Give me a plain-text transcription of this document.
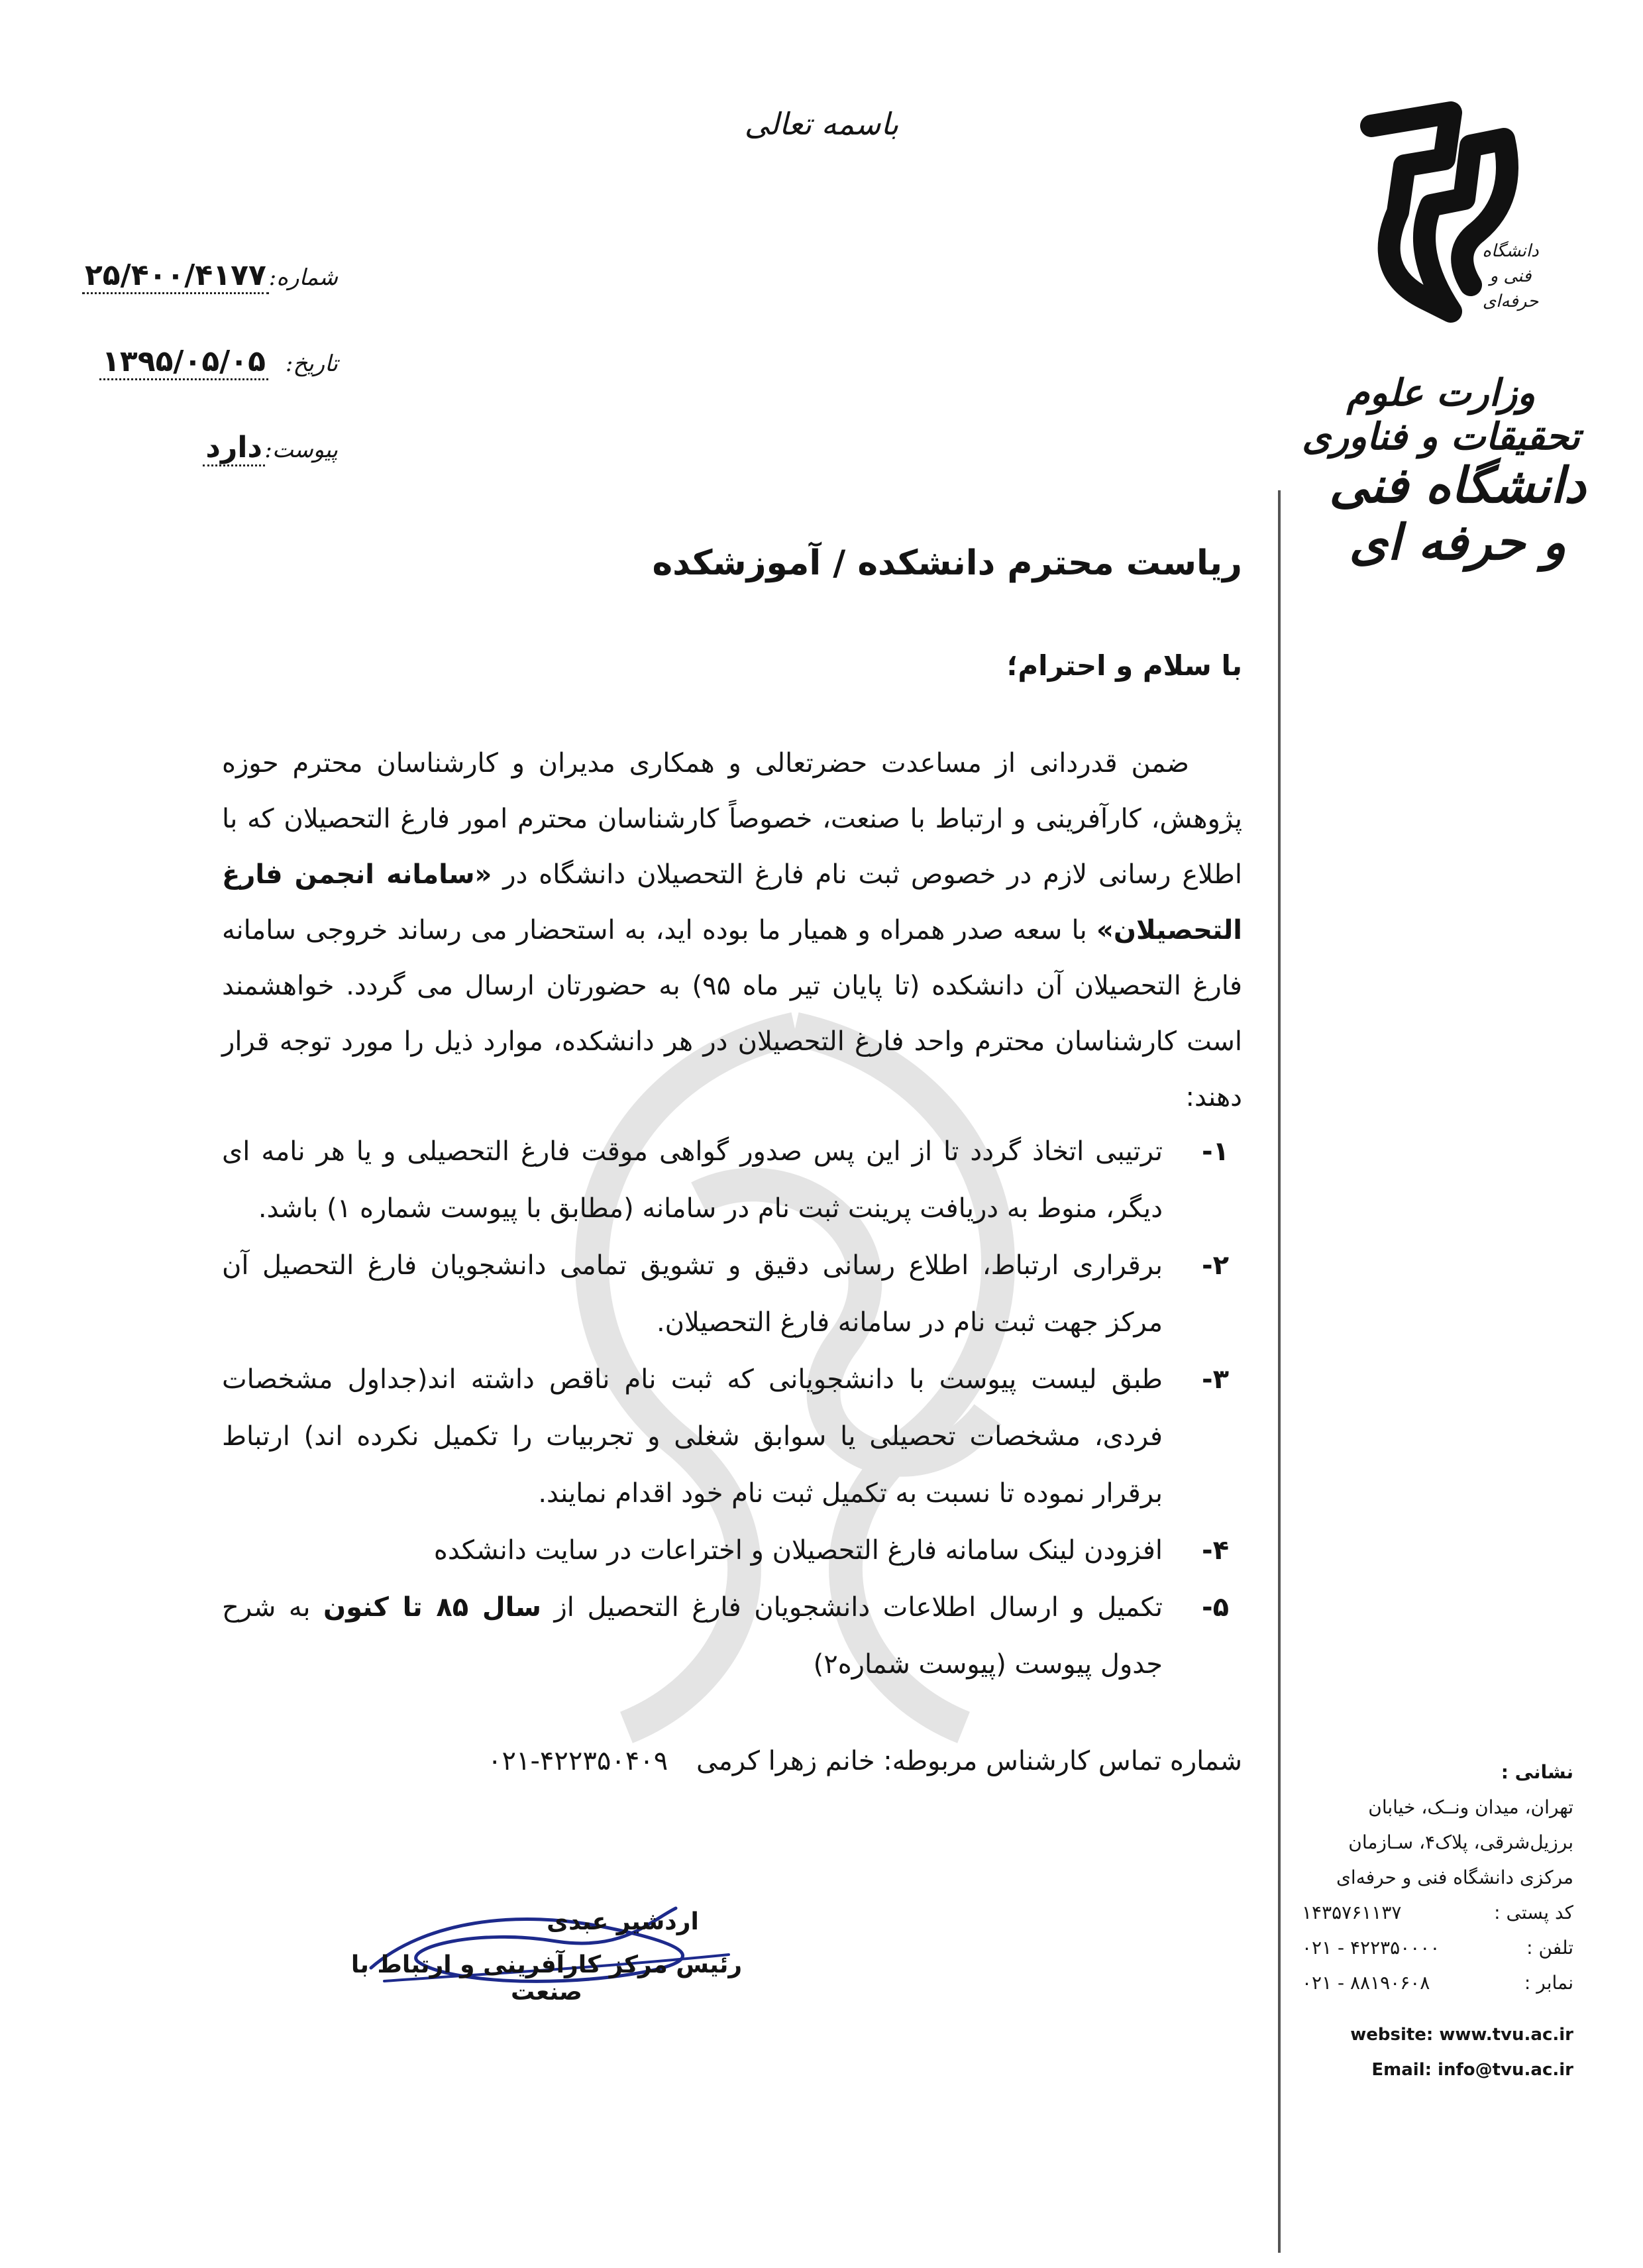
باسمه تعالی
شماره:
۲۵/۴۰۰/۴۱۷۷
تاریخ:
۱۳۹۵/۰۵/۰۵
پیوست:
دارد
دانشگاه
فنی و حرفه‌ای
وزارت علوم تحقیقات و فناوری
دانشگاه فنی و حرفه ای
ریاست محترم دانشکده / آموزشکده
با سلام و احترام؛

ضمن قدردانی از مساعدت حضرتعالی و همکاری مدیران و کارشناسان محترم حوزه پژوهش، کارآفرینی و ارتباط با صنعت، خصوصاً کارشناسان محترم امور فارغ التحصیلان که با اطلاع رسانی لازم در خصوص ثبت نام فارغ التحصیلان دانشگاه در «سامانه انجمن فارغ التحصیلان» با سعه صدر همراه و همیار ما بوده اید، به استحضار می رساند خروجی سامانه فارغ التحصیلان آن دانشکده (تا پایان تیر ماه ۹۵) به حضورتان ارسال می گردد. خواهشمند است کارشناسان محترم واحد فارغ التحصیلان در هر دانشکده، موارد ذیل را مورد توجه قرار دهند:

۱-
ترتیبی اتخاذ گردد تا از این پس صدور گواهی موقت فارغ التحصیلی و یا هر نامه ای دیگر، منوط به دریافت پرینت ثبت نام در سامانه (مطابق با پیوست شماره ۱) باشد.
۲-
برقراری ارتباط، اطلاع رسانی دقیق و تشویق تمامی دانشجویان فارغ التحصیل آن مرکز جهت ثبت نام در سامانه فارغ التحصیلان.
۳-
طبق لیست پیوست با دانشجویانی که ثبت نام ناقص داشته اند(جداول مشخصات فردی، مشخصات تحصیلی یا سوابق شغلی و تجربیات را تکمیل نکرده اند) ارتباط برقرار نموده تا نسبت به تکمیل ثبت نام خود اقدام نمایند.
۴-
افزودن لینک سامانه فارغ التحصیلان و اختراعات در سایت دانشکده
۵-
تکمیل و ارسال اطلاعات دانشجویان فارغ التحصیل از سال ۸۵ تا کنون به شرح جدول پیوست (پیوست شماره۲)
شماره تماس کارشناس مربوطه: خانم زهرا کرمی ۰۲۱-۴۲۲۳۵۰۴۰۹
اردشیر عبدی
رئیس مرکز کارآفرینی و ارتباط با صنعت
نشانی :
تهران، میدان ونــک، خیابان
برزیل‌شرقی، پلاک۴، سـازمان
مرکزی دانشگاه فنی و حرفه‌ای
کد پستی :
۱۴۳۵۷۶۱۱۳۷
تلفن :
۰۲۱ - ۴۲۲۳۵۰۰۰۰
نمابر :
۰۲۱ - ۸۸۱۹۰۶۰۸
website: www.tvu.ac.ir
Email: info@tvu.ac.ir
